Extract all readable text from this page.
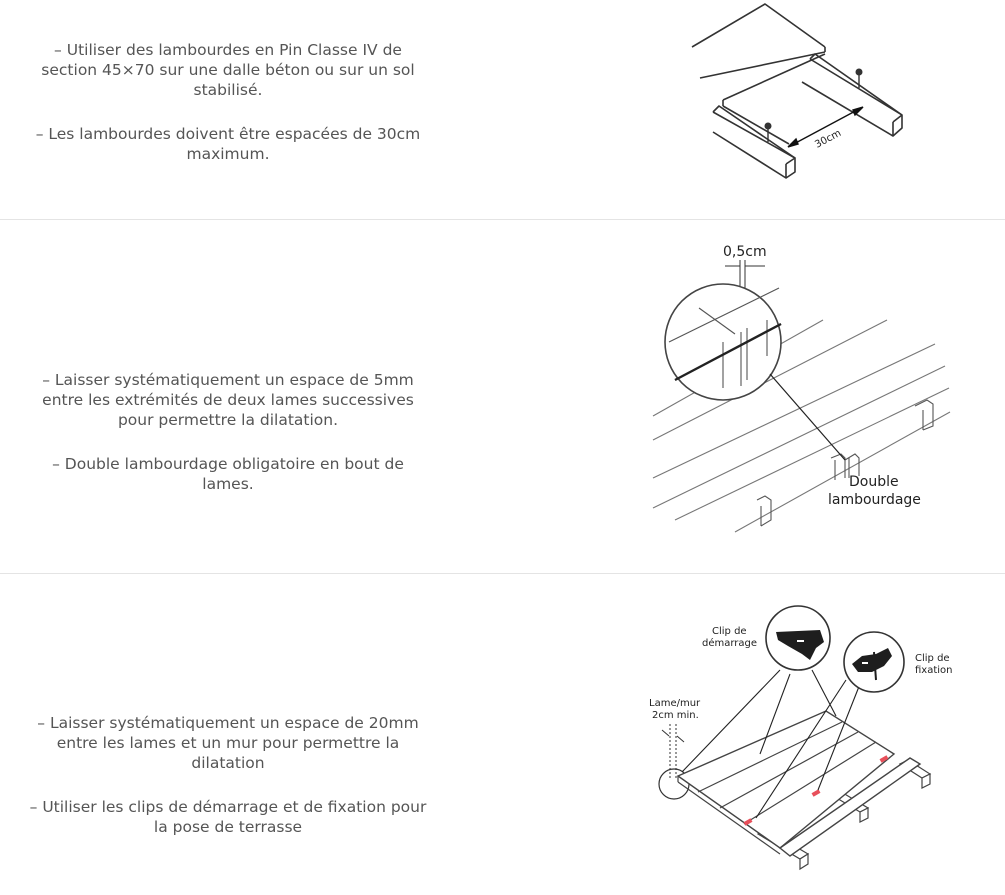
– Utiliser des lambourdes en Pin Classe IV de section 45×70 sur une dalle béton ou sur un sol stabilisé.

– Les lambourdes doivent être espacées de 30cm maximum.

30cm

– Laisser systématiquement un espace de 5mm entre les extrémités de deux lames successives pour permettre la dilatation.

– Double lambourdage obligatoire en bout de lames.

0,5cm
Double
lambourdage

– Laisser systématiquement un espace de 20mm entre les lames et un mur pour permettre la dilatation

– Utiliser les clips de démarrage et de fixation pour la pose de terrasse

Clip de
démarrage
Clip de
fixation
Lame/mur
2cm min.
